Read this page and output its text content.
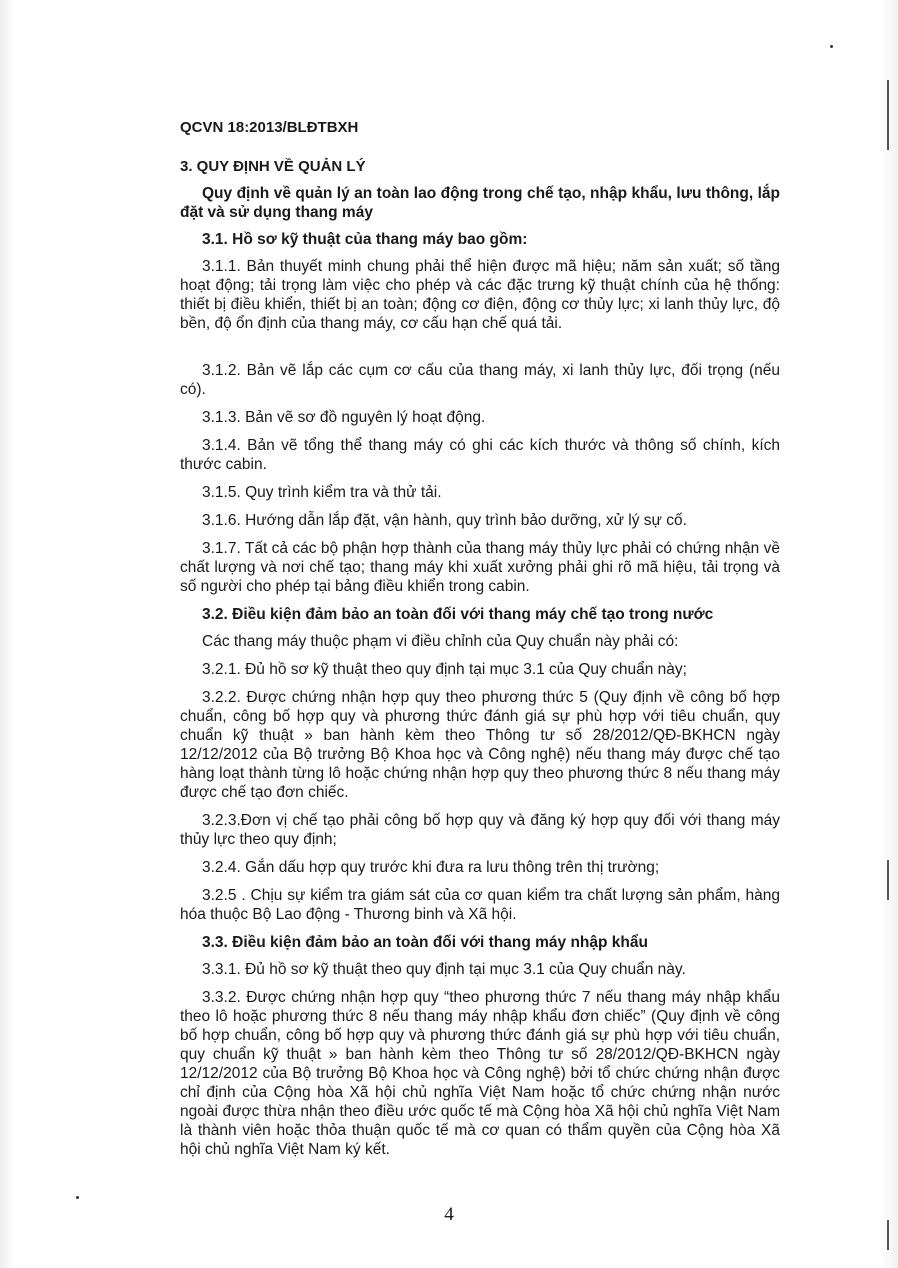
QCVN 18:2013/BLĐTBXH
3. QUY ĐỊNH VỀ QUẢN LÝ
Quy định về quản lý an toàn lao động trong chế tạo, nhập khẩu, lưu thông, lắp đặt và sử dụng thang máy
3.1. Hồ sơ kỹ thuật của thang máy bao gồm:

3.1.1. Bản thuyết minh chung phải thể hiện được mã hiệu; năm sản xuất; số tầng hoạt động; tải trọng làm việc cho phép và các đặc trưng kỹ thuật chính của hệ thống: thiết bị điều khiển, thiết bị an toàn; động cơ điện, động cơ thủy lực; xi lanh thủy lực, độ bền, độ ổn định của thang máy, cơ cấu hạn chế quá tải.

3.1.2. Bản vẽ lắp các cụm cơ cấu của thang máy, xi lanh thủy lực, đối trọng (nếu có).

3.1.3. Bản vẽ sơ đồ nguyên lý hoạt động.

3.1.4. Bản vẽ tổng thể thang máy có ghi các kích thước và thông số chính, kích thước cabin.

3.1.5. Quy trình kiểm tra và thử tải.

3.1.6. Hướng dẫn lắp đặt, vận hành, quy trình bảo dưỡng, xử lý sự cố.

3.1.7. Tất cả các bộ phận hợp thành của thang máy thủy lực phải có chứng nhận về chất lượng và nơi chế tạo; thang máy khi xuất xưởng phải ghi rõ mã hiệu, tải trọng và số người cho phép tại bảng điều khiển trong cabin.

3.2. Điều kiện đảm bảo an toàn đối với thang máy chế tạo trong nước

Các thang máy thuộc phạm vi điều chỉnh của Quy chuẩn này phải có:

3.2.1. Đủ hồ sơ kỹ thuật theo quy định tại mục 3.1 của Quy chuẩn này;

3.2.2. Được chứng nhận hợp quy theo phương thức 5 (Quy định về công bố hợp chuẩn, công bố hợp quy và phương thức đánh giá sự phù hợp với tiêu chuẩn, quy chuẩn kỹ thuật » ban hành kèm theo Thông tư số 28/2012/QĐ-BKHCN ngày 12/12/2012 của Bộ trưởng Bộ Khoa học và Công nghệ) nếu thang máy được chế tạo hàng loạt thành từng lô hoặc chứng nhận hợp quy theo phương thức 8 nếu thang máy được chế tạo đơn chiếc.

3.2.3.Đơn vị chế tạo phải công bố hợp quy và đăng ký hợp quy đối với thang máy thủy lực theo quy định;

3.2.4. Gắn dấu hợp quy trước khi đưa ra lưu thông trên thị trường;

3.2.5 . Chịu sự kiểm tra giám sát của cơ quan kiểm tra chất lượng sản phẩm, hàng hóa thuộc Bộ Lao động - Thương binh và Xã hội.

3.3. Điều kiện đảm bảo an toàn đối với thang máy nhập khẩu

3.3.1. Đủ hồ sơ kỹ thuật theo quy định tại mục 3.1 của Quy chuẩn này.

3.3.2. Được chứng nhận hợp quy “theo phương thức 7 nếu thang máy nhập khẩu theo lô hoặc phương thức 8 nếu thang máy nhập khẩu đơn chiếc” (Quy định về công bố hợp chuẩn, công bố hợp quy và phương thức đánh giá sự phù hợp với tiêu chuẩn, quy chuẩn kỹ thuật » ban hành kèm theo Thông tư số 28/2012/QĐ-BKHCN ngày 12/12/2012 của Bộ trưởng Bộ Khoa học và Công nghệ) bởi tổ chức chứng nhận được chỉ định của Cộng hòa Xã hội chủ nghĩa Việt Nam hoặc tổ chức chứng nhận nước ngoài được thừa nhận theo điều ước quốc tế mà Cộng hòa Xã hội chủ nghĩa Việt Nam là thành viên hoặc thỏa thuận quốc tế mà cơ quan có thẩm quyền của Cộng hòa Xã hội chủ nghĩa Việt Nam ký kết.

4
